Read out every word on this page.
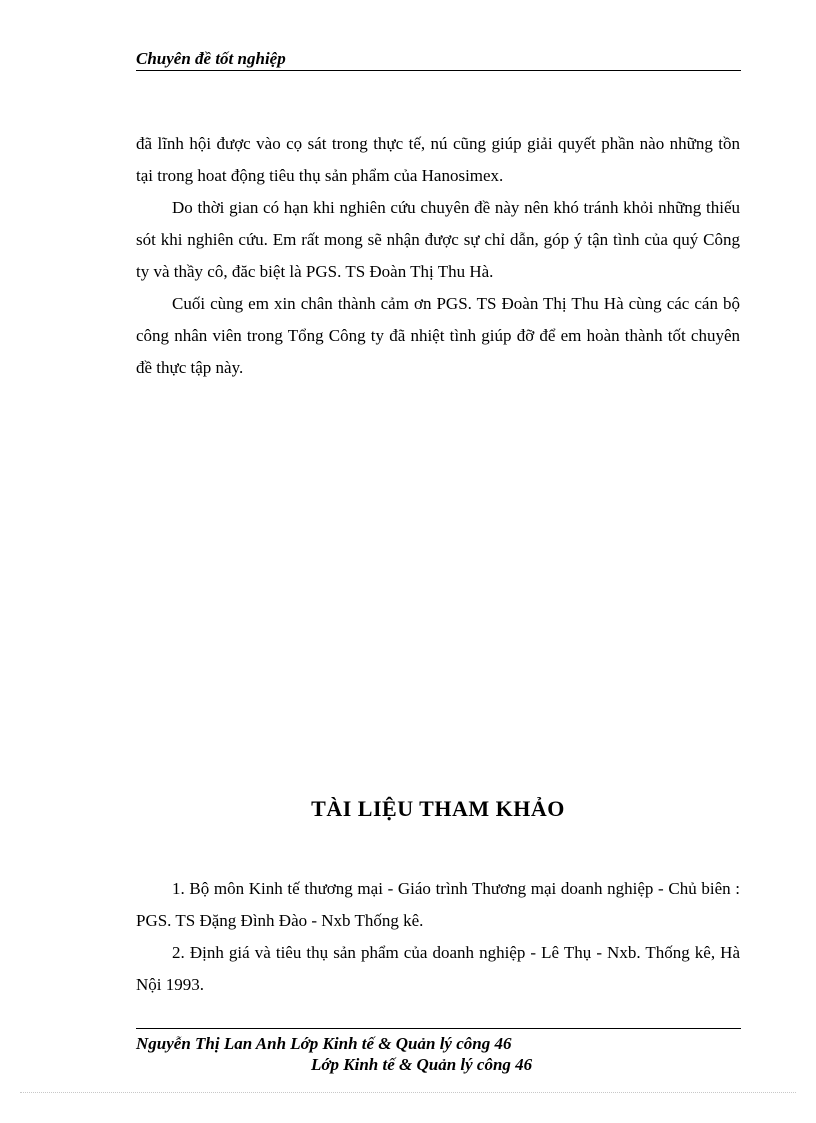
Chuyên đề tốt nghiệp

đã lĩnh hội được vào cọ sát trong thực tế, nú cũng giúp giải quyết phần nào những tồn tại trong hoat động tiêu thụ sản phẩm của Hanosimex.

Do thời gian có hạn khi nghiên cứu chuyên đề này nên khó tránh khỏi những thiếu sót khi nghiên cứu. Em rất mong sẽ nhận được sự chỉ dẫn, góp ý tận tình của quý Công ty và thầy cô, đăc biệt là PGS. TS Đoàn Thị Thu Hà.

Cuối cùng em xin chân thành cảm ơn PGS. TS Đoàn Thị Thu Hà cùng các cán bộ công nhân viên trong Tổng Công ty đã nhiệt tình giúp đỡ để em hoàn thành tốt chuyên đề thực tập này.

TÀI LIỆU THAM KHẢO
1. Bộ môn Kinh tế thương mại - Giáo trình Thương mại doanh nghiệp - Chủ biên : PGS. TS Đặng Đình Đào - Nxb Thống kê.
2. Định giá và tiêu thụ sản phẩm của doanh nghiệp - Lê Thụ - Nxb. Thống kê, Hà Nội 1993.
Nguyễn Thị Lan Anh Lớp Kinh tế & Quản lý công 46
Lớp Kinh tế & Quản lý công 46
